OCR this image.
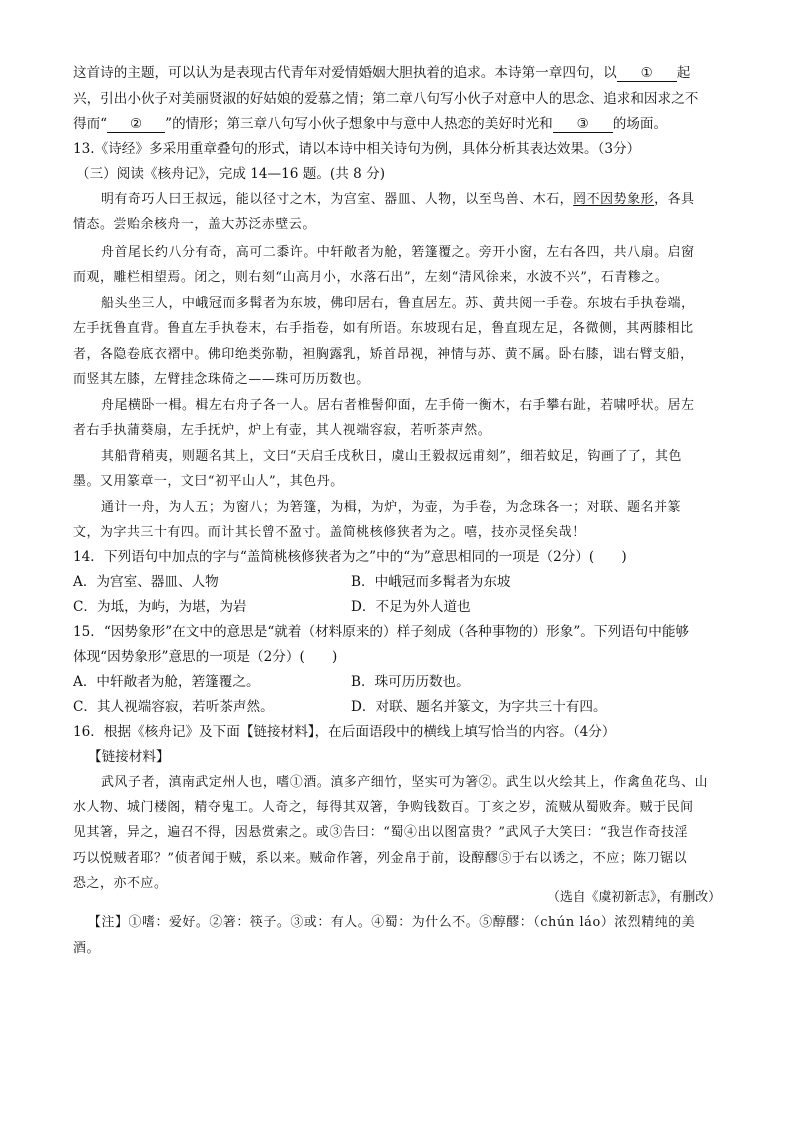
这首诗的主题，可以认为是表现古代青年对爱情婚姻大胆执着的追求。本诗第一章四句，以 ① 起
兴，引出小伙子对美丽贤淑的好姑娘的爱慕之情；第二章八句写小伙子对意中人的思念、追求和因求之不
得而“ ② ”的情形；第三章八句写小伙子想象中与意中人热恋的美好时光和 ③ 的场面。
13.《诗经》多采用重章叠句的形式，请以本诗中相关诗句为例，具体分析其表达效果。（3分）
（三）阅读《核舟记》，完成 14—16 题。(共 8 分)
明有奇巧人曰王叔远，能以径寸之木，为宫室、器皿、人物，以至鸟兽、木石，罔不因势象形，各具
情态。尝贻余核舟一，盖大苏泛赤壁云。
舟首尾长约八分有奇，高可二黍许。中轩敞者为舱，箬篷覆之。旁开小窗，左右各四，共八扇。启窗
而观，雕栏相望焉。闭之，则右刻“山高月小，水落石出”，左刻“清风徐来，水波不兴”，石青糁之。
船头坐三人，中峨冠而多髯者为东坡，佛印居右，鲁直居左。苏、黄共阅一手卷。东坡右手执卷端，
左手抚鲁直背。鲁直左手执卷末，右手指卷，如有所语。东坡现右足，鲁直现左足，各微侧，其两膝相比
者，各隐卷底衣褶中。佛印绝类弥勒，袒胸露乳，矫首昂视，神情与苏、黄不属。卧右膝，诎右臂支船，
而竖其左膝，左臂挂念珠倚之——珠可历历数也。
舟尾横卧一楫。楫左右舟子各一人。居右者椎髻仰面，左手倚一衡木，右手攀右趾，若啸呼状。居左
者右手执蒲葵扇，左手抚炉，炉上有壶，其人视端容寂，若听茶声然。
其船背稍夷，则题名其上，文曰“天启壬戌秋日，虞山王毅叔远甫刻”，细若蚊足，钩画了了，其色
墨。又用篆章一，文曰“初平山人”，其色丹。
通计一舟，为人五；为窗八；为箬篷，为楫，为炉，为壶，为手卷，为念珠各一；对联、题名并篆
文，为字共三十有四。而计其长曾不盈寸。盖简桃核修狭者为之。嘻，技亦灵怪矣哉！
14．下列语句中加点的字与“盖简桃核修狭者为之”中的“为”意思相同的一项是（2分）(　　)
A．为宫室、器皿、人物	B．中峨冠而多髯者为东坡
C．为坻，为屿，为堪，为岩	D．不足为外人道也
15．“因势象形”在文中的意思是“就着（材料原来的）样子刻成（各种事物的）形象”。下列语句中能够
体现“因势象形”意思的一项是（2分）(　　)
A．中轩敞者为舱，箬篷覆之。	B．珠可历历数也。
C．其人视端容寂，若听茶声然。	D．对联、题名并篆文，为字共三十有四。
16．根据《核舟记》及下面【链接材料】，在后面语段中的横线上填写恰当的内容。（4分）
【链接材料】
武风子者，滇南武定州人也，嗜①酒。滇多产细竹，坚实可为箸②。武生以火绘其上，作禽鱼花鸟、山
水人物、城门楼阁，精夺鬼工。人奇之，每得其双箸，争购钱数百。丁亥之岁，流贼从蜀败奔。贼于民间
见其箸，异之，遍召不得，因悬赏索之。或③告曰：“蜀④出以图富贵？”武风子大笑曰：“我岂作奇技淫
巧以悦贼者耶？”侦者闻于贼，系以来。贼命作箸，列金帛于前，设醇醪⑤于右以诱之，不应；陈刀锯以
恐之，亦不应。
（选自《虞初新志》，有删改）
【注】①嗜：爱好。②箸：筷子。③或：有人。④蜀：为什么不。⑤醇醪：（chún láo）浓烈精纯的美
酒。
